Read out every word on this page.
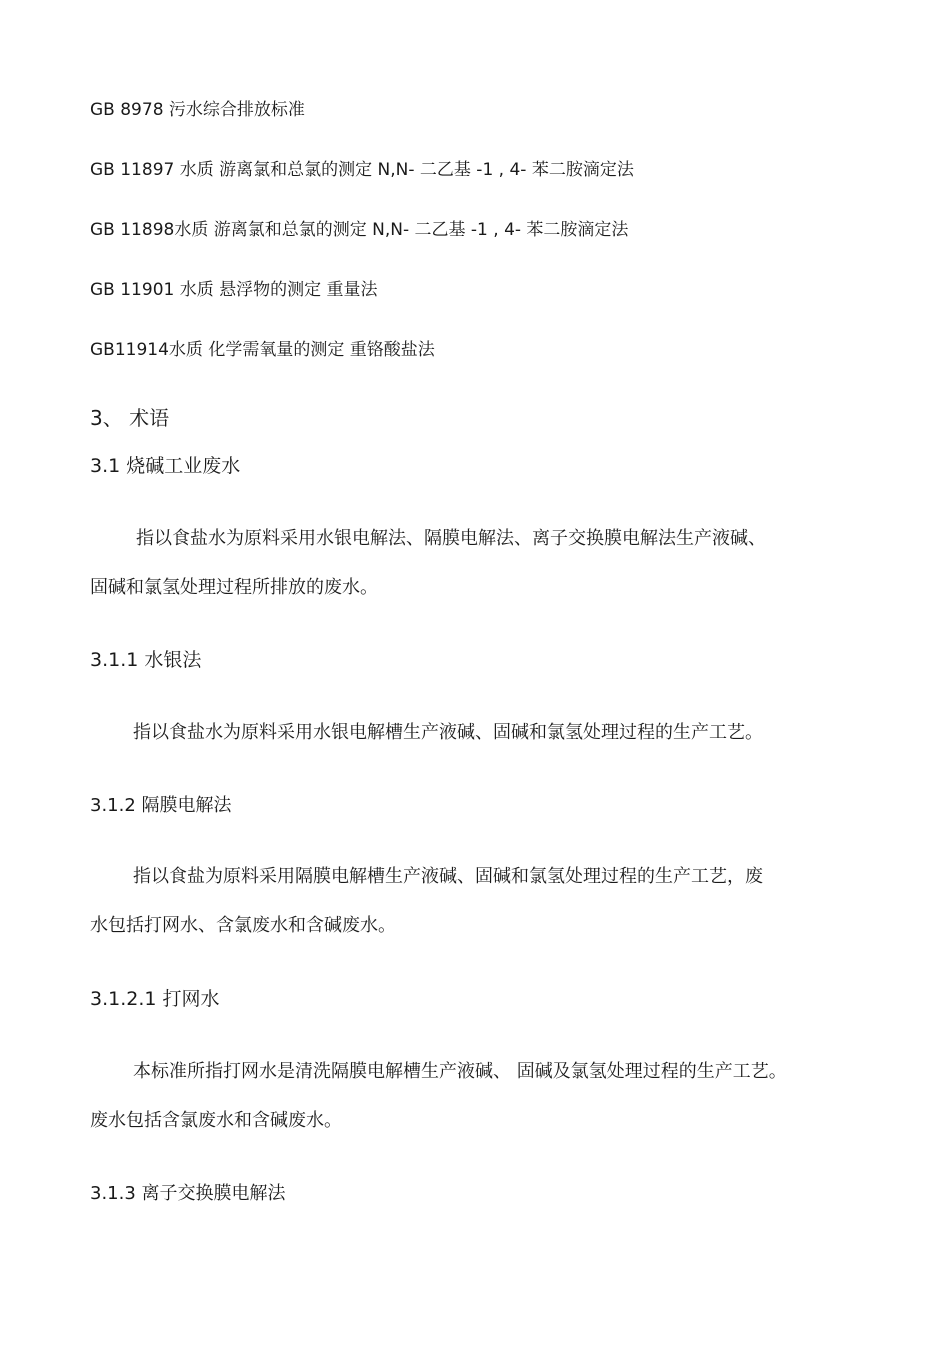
GB 8978 污水综合排放标准
GB 11897 水质 游离氯和总氯的测定 N,N- 二乙基 -1 , 4- 苯二胺滴定法
GB 11898水质 游离氯和总氯的测定 N,N- 二乙基 -1 , 4- 苯二胺滴定法
GB 11901 水质 悬浮物的测定 重量法
GB11914水质 化学需氧量的测定 重铬酸盐法
3、 术语
3.1 烧碱工业废水
指以食盐水为原料采用水银电解法、隔膜电解法、离子交换膜电解法生产液碱、
固碱和氯氢处理过程所排放的废水。
3.1.1 水银法
指以食盐水为原料采用水银电解槽生产液碱、固碱和氯氢处理过程的生产工艺。
3.1.2 隔膜电解法
指以食盐为原料采用隔膜电解槽生产液碱、固碱和氯氢处理过程的生产工艺，废
水包括打网水、含氯废水和含碱废水。
3.1.2.1 打网水
本标准所指打网水是清洗隔膜电解槽生产液碱、 固碱及氯氢处理过程的生产工艺。
废水包括含氯废水和含碱废水。
3.1.3 离子交换膜电解法
